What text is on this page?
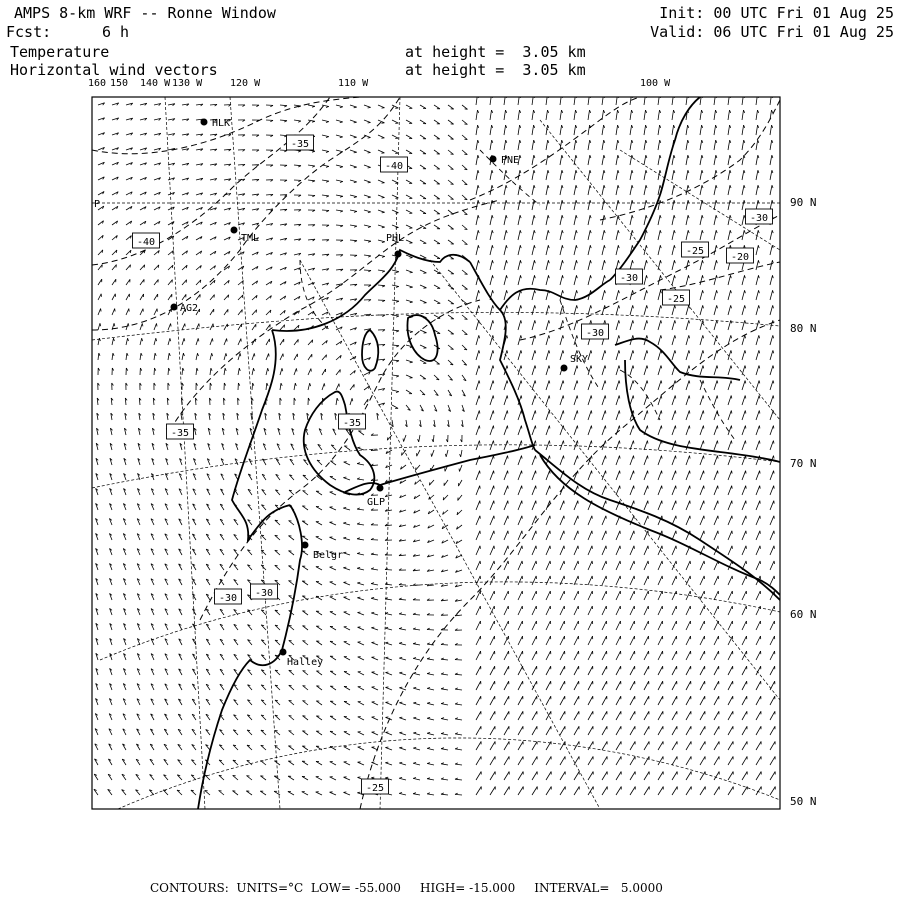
AMPS 8-km WRF -- Ronne Window
Fcst:	6 h
Temperature
Horizontal wind vectors
at height =  3.05 km
at height =  3.05 km
Init: 00 UTC Fri 01 Aug 25
Valid: 06 UTC Fri 01 Aug 25
160 150 140 W 130 W	120 W	110 W	100 W
90 N
80 N
70 N
60 N
50 N
HLK
PNE
TML	PHL
AG2
SKY
GLP
Belgr
Halley
P
-35
-40
-40
-30
-25
-20
-30
-25
-30
-35
-35
-30 -30
-25
CONTOURS: UNITS=°C LOW= -55.000 HIGH= -15.000 INTERVAL= 5.0000
